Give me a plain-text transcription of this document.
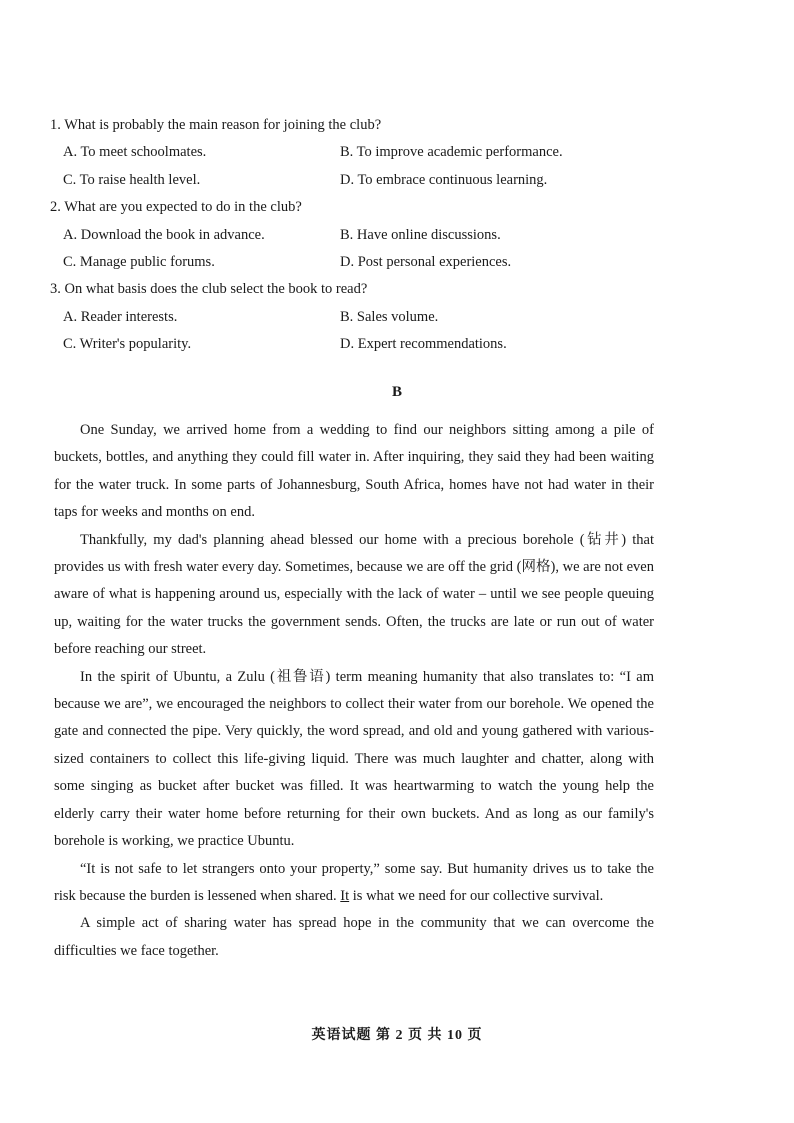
1. What is probably the main reason for joining the club?
A. To meet schoolmates.	B. To improve academic performance.
C. To raise health level.	D. To embrace continuous learning.
2. What are you expected to do in the club?
A. Download the book in advance.	B. Have online discussions.
C. Manage public forums.	D. Post personal experiences.
3. On what basis does the club select the book to read?
A. Reader interests.	B. Sales volume.
C. Writer's popularity.	D. Expert recommendations.
B

One Sunday, we arrived home from a wedding to find our neighbors sitting among a pile of buckets, bottles, and anything they could fill water in. After inquiring, they said they had been waiting for the water truck. In some parts of Johannesburg, South Africa, homes have not had water in their taps for weeks and months on end.

Thankfully, my dad's planning ahead blessed our home with a precious borehole (钻井) that provides us with fresh water every day. Sometimes, because we are off the grid (网格), we are not even aware of what is happening around us, especially with the lack of water – until we see people queuing up, waiting for the water trucks the government sends. Often, the trucks are late or run out of water before reaching our street.

In the spirit of Ubuntu, a Zulu (祖鲁语) term meaning humanity that also translates to: “I am because we are”, we encouraged the neighbors to collect their water from our borehole. We opened the gate and connected the pipe. Very quickly, the word spread, and old and young gathered with various-sized containers to collect this life-giving liquid. There was much laughter and chatter, along with some singing as bucket after bucket was filled. It was heartwarming to watch the young help the elderly carry their water home before returning for their own buckets. And as long as our family's borehole is working, we practice Ubuntu.

“It is not safe to let strangers onto your property,” some say. But humanity drives us to take the risk because the burden is lessened when shared. It is what we need for our collective survival.

A simple act of sharing water has spread hope in the community that we can overcome the difficulties we face together.

英语试题 第 2 页 共 10 页
